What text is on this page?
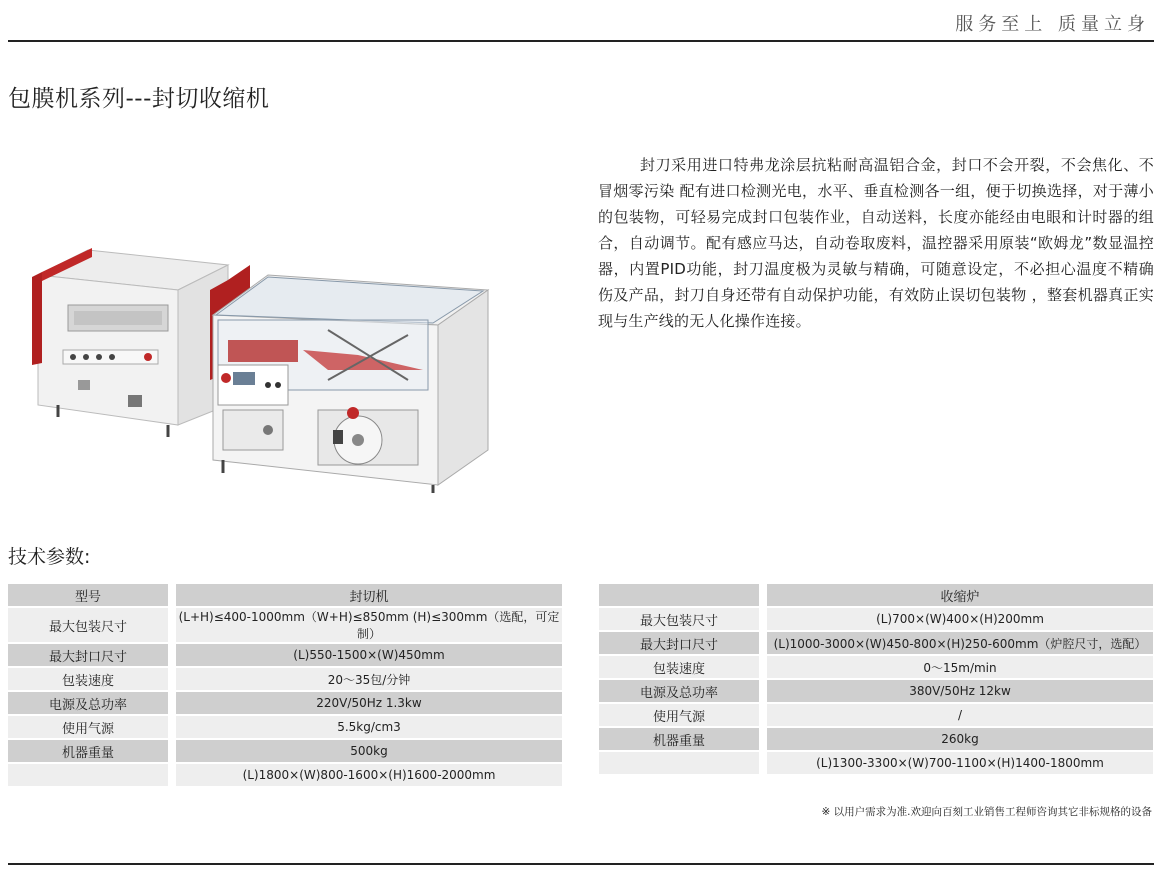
服务至上 质量立身
包膜机系列---封切收缩机

封刀采用进口特弗龙涂层抗粘耐高温铝合金，封口不会开裂，不会焦化、不冒烟零污染 配有进口检测光电，水平、垂直检测各一组，便于切换选择，对于薄小的包装物，可轻易完成封口包装作业，自动送料，长度亦能经由电眼和计时器的组合，自动调节。配有感应马达，自动卷取废料，温控器采用原装“欧姆龙”数显温控器，内置PID功能，封刀温度极为灵敏与精确，可随意设定，不必担心温度不精确伤及产品，封刀自身还带有自动保护功能，有效防止误切包装物 ，整套机器真正实现与生产线的无人化操作连接。

技术参数:
型号		封切机
最大包装尺寸		(L+H)≤400-1000mm（W+H)≤850mm (H)≤300mm（选配，可定制）
最大封口尺寸		(L)550-1500×(W)450mm
包装速度		20～35包/分钟
电源及总功率		220V/50Hz 1.3kw
使用气源		5.5kg/cm3
机器重量		500kg
		(L)1800×(W)800-1600×(H)1600-2000mm
		收缩炉
最大包装尺寸		(L)700×(W)400×(H)200mm
最大封口尺寸		(L)1000-3000×(W)450-800×(H)250-600mm（炉腔尺寸，选配）
包装速度		0～15m/min
电源及总功率		380V/50Hz 12kw
使用气源		/
机器重量		260kg
		(L)1300-3300×(W)700-1100×(H)1400-1800mm
※ 以用户需求为准.欢迎向百刻工业销售工程师咨询其它非标规格的设备
